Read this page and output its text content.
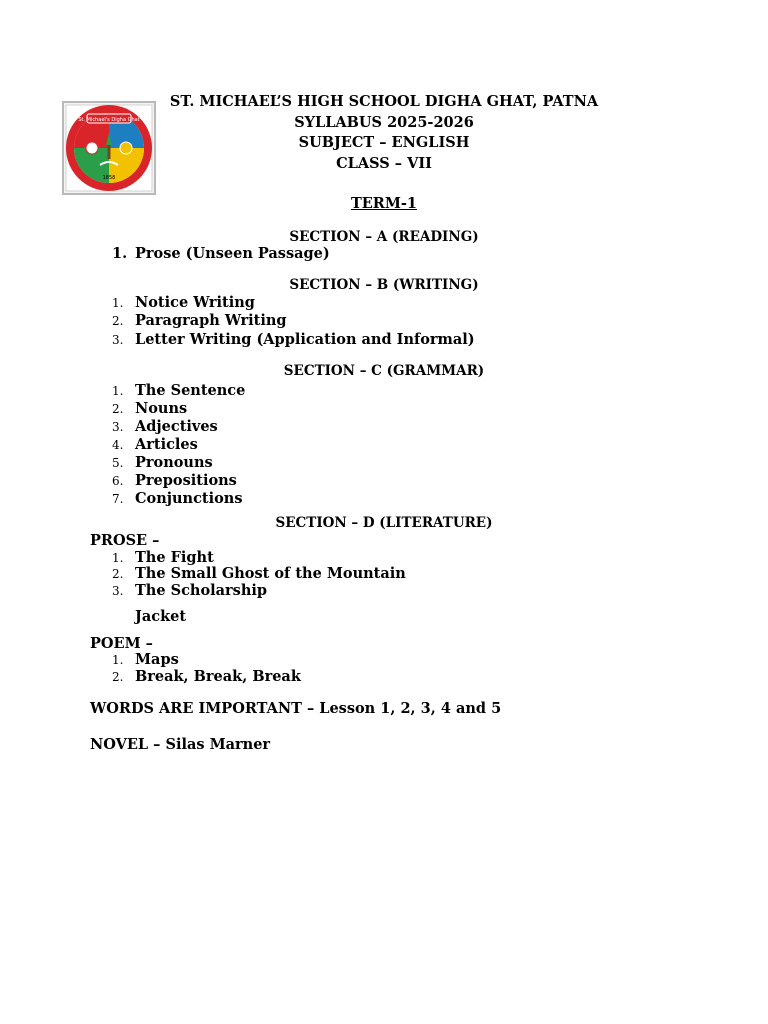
St. Michael's Digha Ghat
1858
ST. MICHAEL’S HIGH SCHOOL DIGHA GHAT, PATNA
SYLLABUS 2025-2026
SUBJECT – ENGLISH
CLASS – VII
TERM-1
SECTION – A (READING)
1. Prose (Unseen Passage)
SECTION – B (WRITING)
1. Notice Writing
2. Paragraph Writing
3. Letter Writing (Application and Informal)
SECTION – C (GRAMMAR)
1. The Sentence
2. Nouns
3. Adjectives
4. Articles
5. Pronouns
6. Prepositions
7. Conjunctions
SECTION – D (LITERATURE)
PROSE –
1. The Fight
2. The Small Ghost of the Mountain
3. The Scholarship
Jacket
POEM –
1. Maps
2. Break, Break, Break
WORDS ARE IMPORTANT – Lesson 1, 2, 3, 4 and 5
NOVEL – Silas Marner
